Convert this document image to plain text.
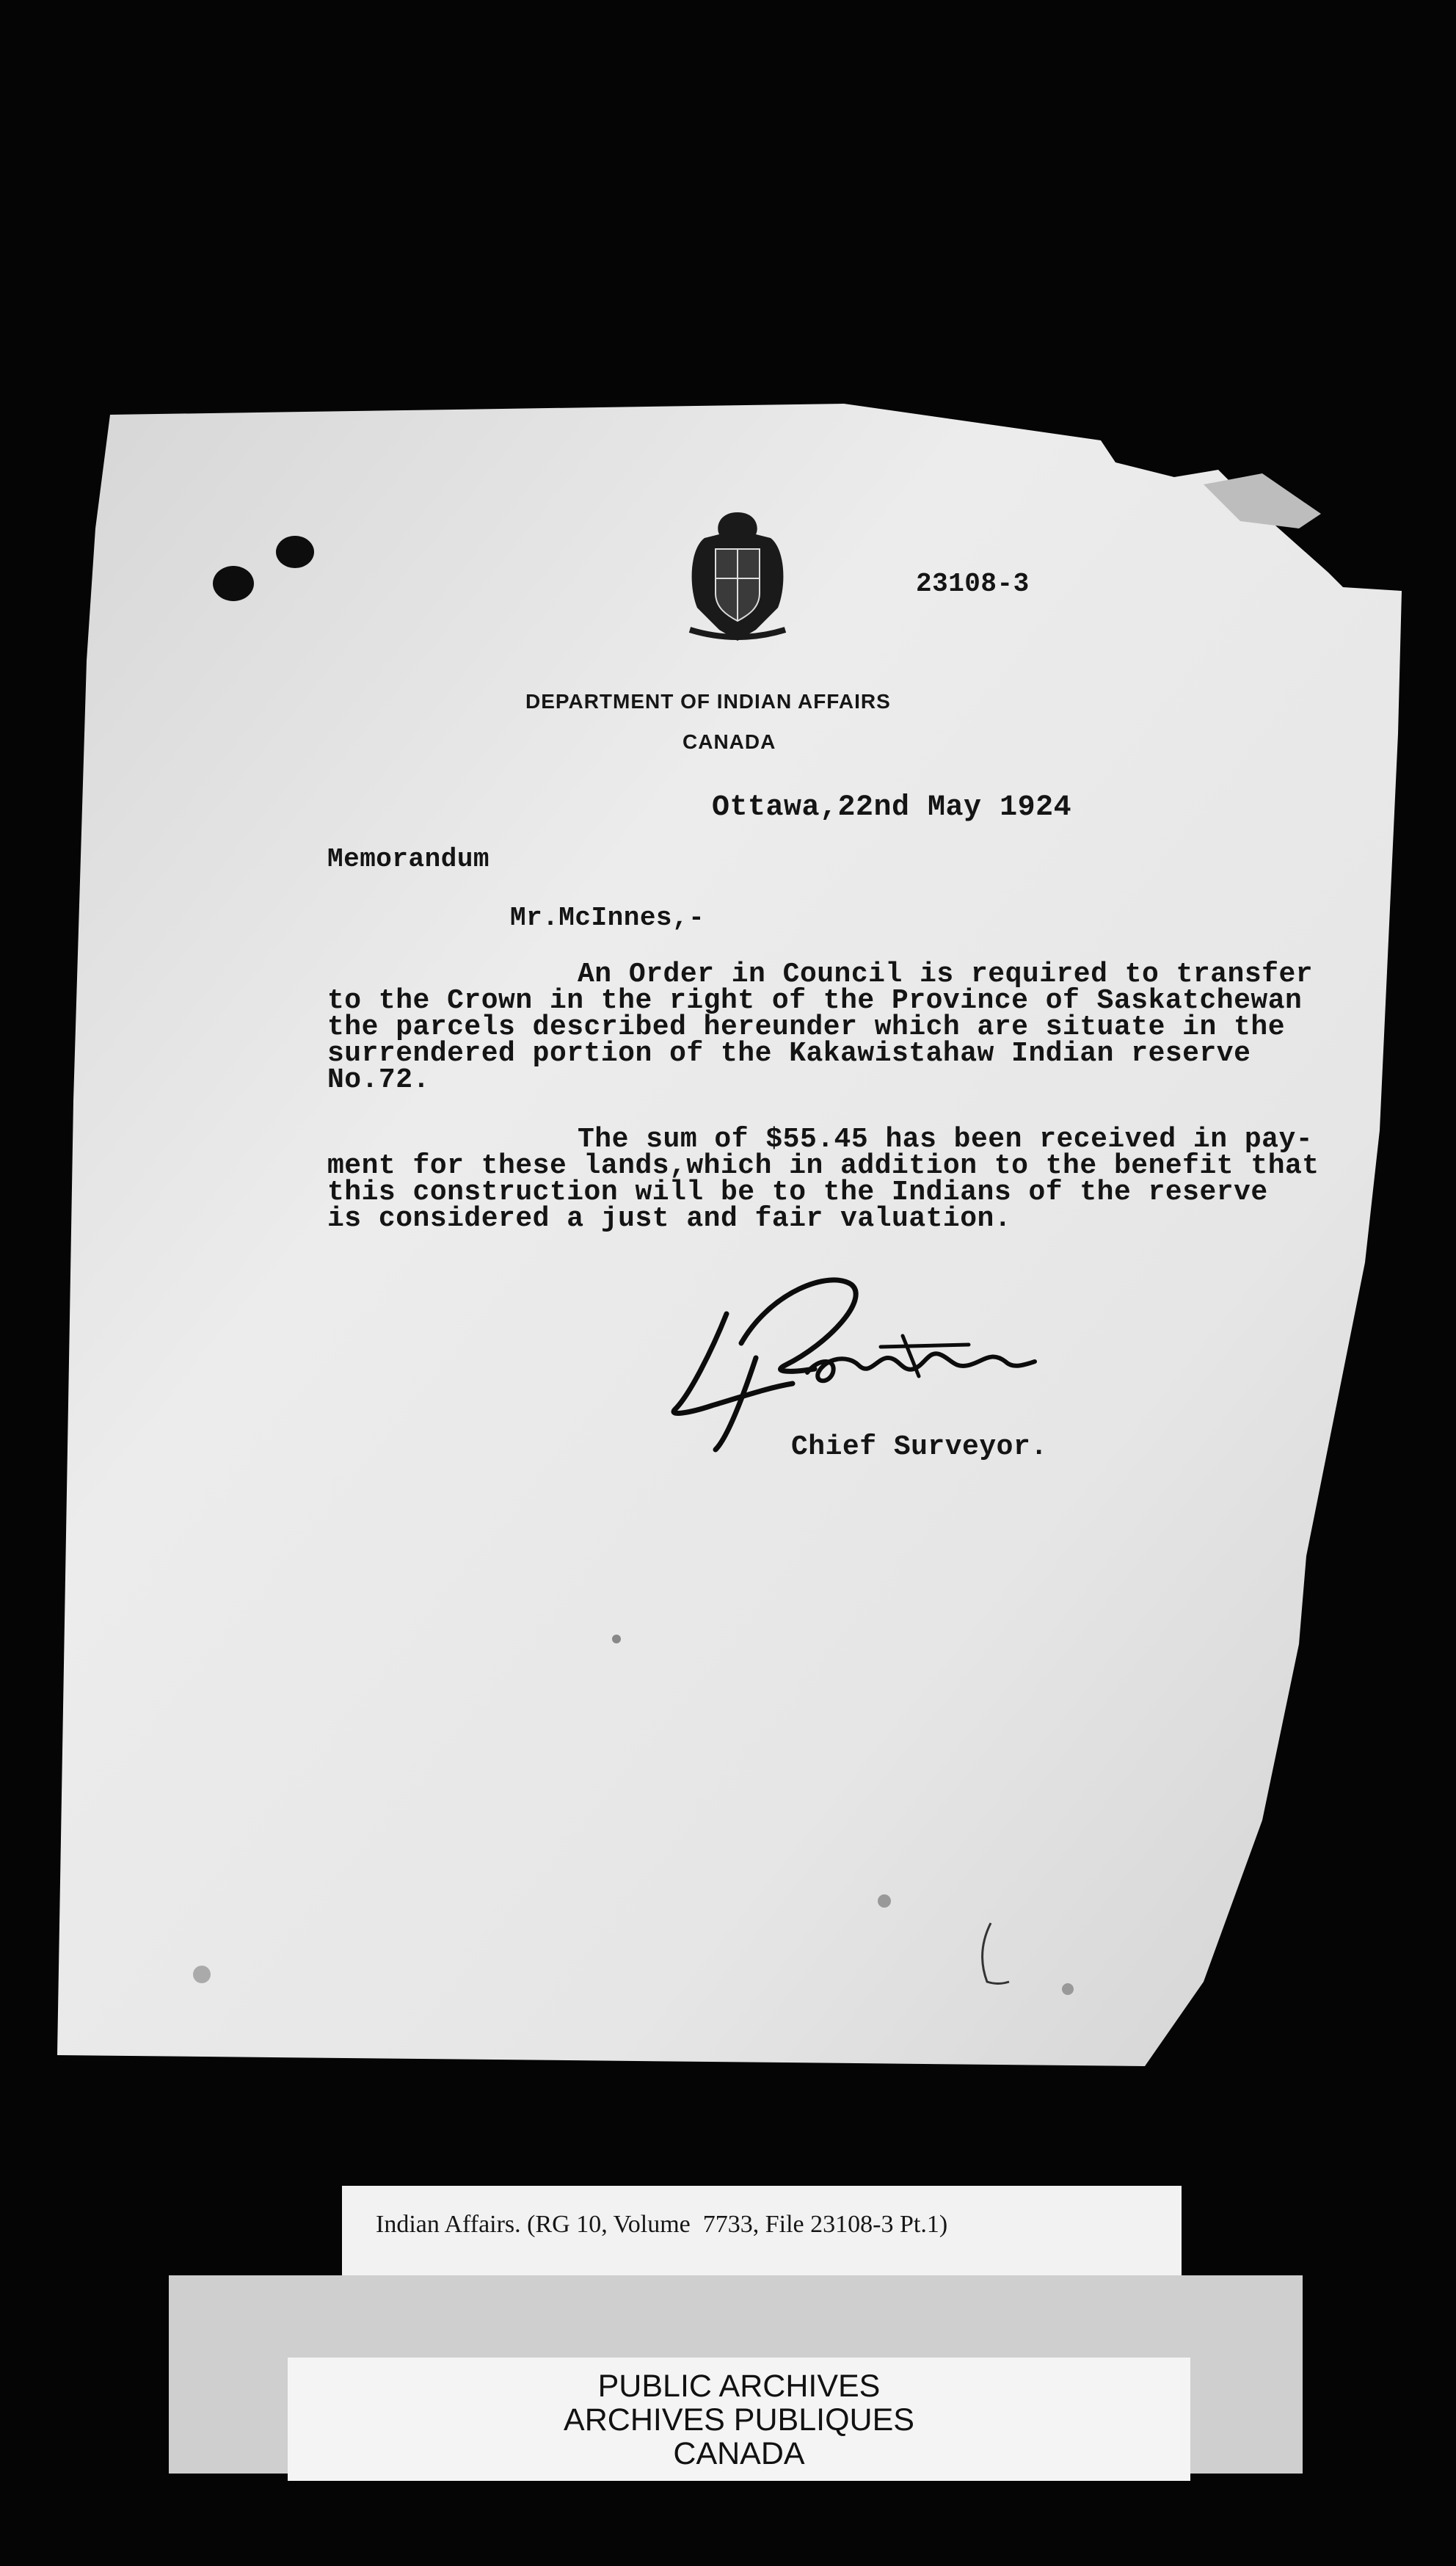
23108-3
DEPARTMENT OF INDIAN AFFAIRS
CANADA
Ottawa,22nd May 1924
Memorandum
Mr.McInnes,-
An Order in Council is required to transfer
to the Crown in the right of the Province of Saskatchewan
the parcels described hereunder which are situate in the
surrendered portion of the Kakawistahaw Indian reserve
No.72.
The sum of $55.45 has been received in pay-
ment for these lands,which in addition to the benefit that
this construction will be to the Indians of the reserve
is considered a just and fair valuation.
Chief Surveyor.
Indian Affairs. (RG 10, Volume  7733, File 23108-3 Pt.1)
PUBLIC ARCHIVES
ARCHIVES PUBLIQUES
CANADA
